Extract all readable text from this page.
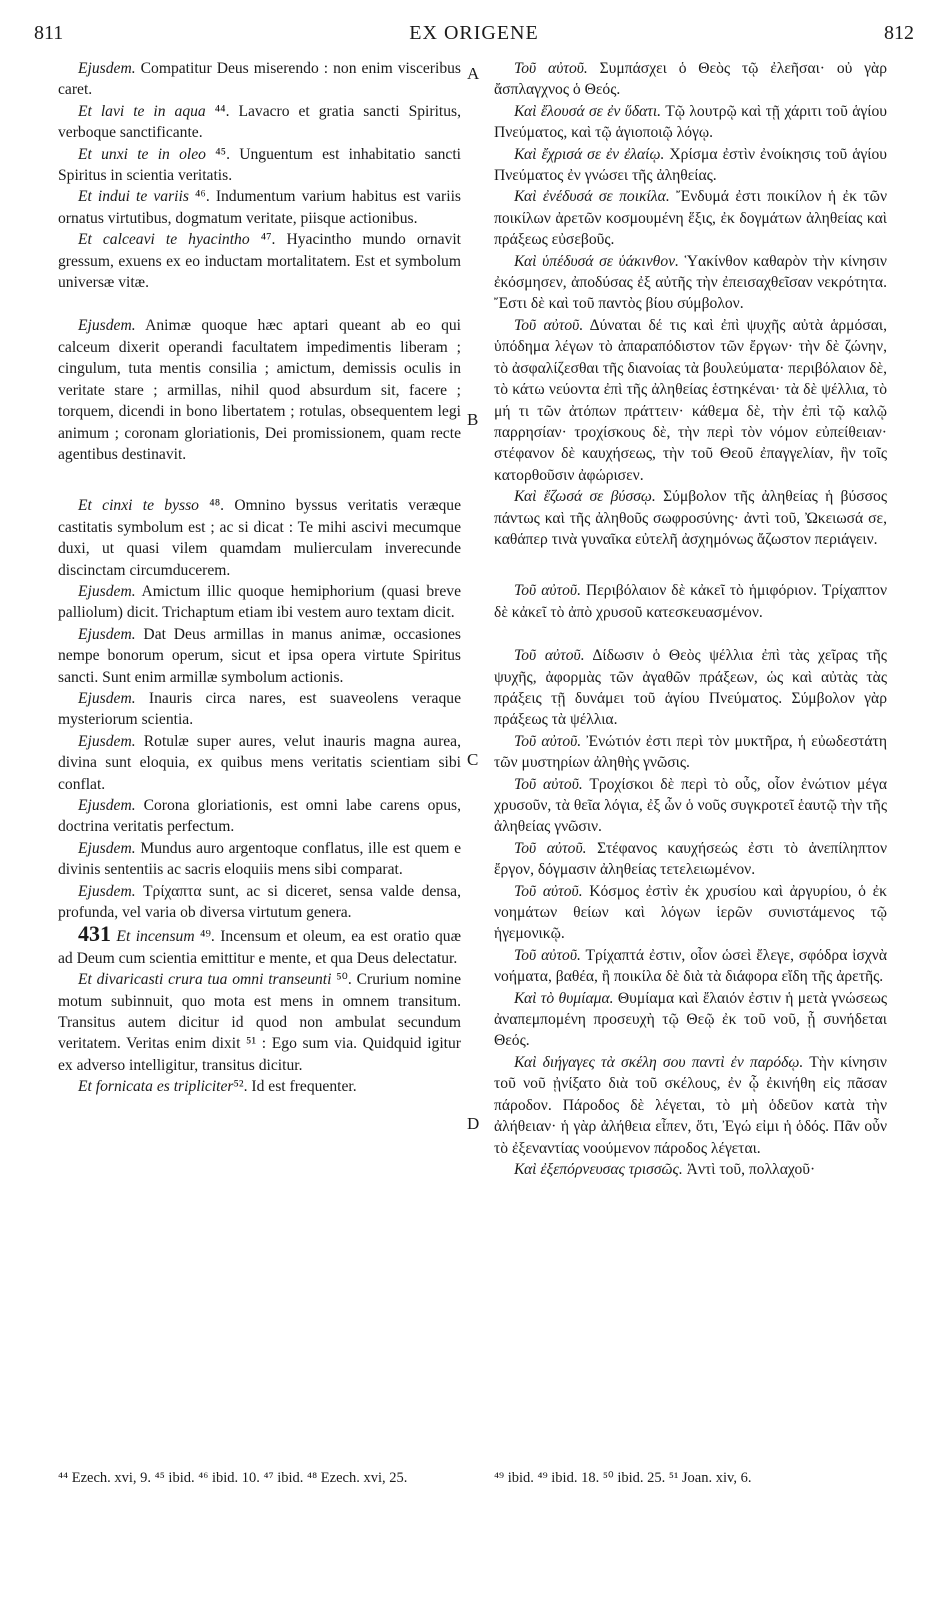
811	EX ORIGENE	812

Ejusdem. Compatitur Deus miserendo : non enim visceribus caret.

Et lavi te in aqua ⁴⁴. Lavacro et gratia sancti Spiritus, verboque sanctificante.

Et unxi te in oleo ⁴⁵. Unguentum est inhabitatio sancti Spiritus in scientia veritatis.

Et indui te variis ⁴⁶. Indumentum varium habitus est variis ornatus virtutibus, dogmatum veritate, piisque actionibus.

Et calceavi te hyacintho ⁴⁷. Hyacintho mundo ornavit gressum, exuens ex eo inductam mortalitatem. Est et symbolum universæ vitæ.

Ejusdem. Animæ quoque hæc aptari queant ab eo qui calceum dixerit operandi facultatem impedimentis liberam ; cingulum, tuta mentis consilia ; amictum, demissis oculis in veritate stare ; armillas, nihil quod absurdum sit, facere ; torquem, dicendi in bono libertatem ; rotulas, obsequentem legi animum ; coronam gloriationis, Dei promissionem, quam recte agentibus destinavit.

Et cinxi te bysso ⁴⁸. Omnino byssus veritatis veræque castitatis symbolum est ; ac si dicat : Te mihi ascivi mecumque duxi, ut quasi vilem quamdam mulierculam inverecunde discinctam circumducerem.

Ejusdem. Amictum illic quoque hemiphorium (quasi breve palliolum) dicit. Trichaptum etiam ibi vestem auro textam dicit.

Ejusdem. Dat Deus armillas in manus animæ, occasiones nempe bonorum operum, sicut et ipsa opera virtute Spiritus sancti. Sunt enim armillæ symbolum actionis.

Ejusdem. Inauris circa nares, est suaveolens veraque mysteriorum scientia.

Ejusdem. Rotulæ super aures, velut inauris magna aurea, divina sunt eloquia, ex quibus mens veritatis scientiam sibi conflat.

Ejusdem. Corona gloriationis, est omni labe carens opus, doctrina veritatis perfectum.

Ejusdem. Mundus auro argentoque conflatus, ille est quem e divinis sententiis ac sacris eloquiis mens sibi comparat.

Ejusdem. Τρίχαπτα sunt, ac si diceret, sensa valde densa, profunda, vel varia ob diversa virtutum genera.

431 Et incensum ⁴⁹. Incensum et oleum, ea est oratio quæ ad Deum cum scientia emittitur e mente, et qua Deus delectatur.

Et divaricasti crura tua omni transeunti ⁵⁰. Crurium nomine motum subinnuit, quo mota est mens in omnem transitum. Transitus autem dicitur id quod non ambulat secundum veritatem. Veritas enim dixit ⁵¹ : Ego sum via. Quidquid igitur ex adverso intelligitur, transitus dicitur.

Et fornicata es tripliciter⁵². Id est frequenter.

Τοῦ αὐτοῦ. Συμπάσχει ὁ Θεὸς τῷ ἐλεῆσαι· οὐ γὰρ ἄσπλαγχνος ὁ Θεός.

Καὶ ἔλουσά σε ἐν ὕδατι. Τῷ λουτρῷ καὶ τῇ χάριτι τοῦ ἁγίου Πνεύματος, καὶ τῷ ἁγιοποιῷ λόγῳ.

Καὶ ἔχρισά σε ἐν ἐλαίῳ. Χρίσμα ἐστὶν ἐνοίκησις τοῦ ἁγίου Πνεύματος ἐν γνώσει τῆς ἀληθείας.

Καὶ ἐνέδυσά σε ποικίλα. Ἔνδυμά ἐστι ποικίλον ἡ ἐκ τῶν ποικίλων ἀρετῶν κοσμουμένη ἕξις, ἐκ δογμάτων ἀληθείας καὶ πράξεως εὐσεβοῦς.

Καὶ ὑπέδυσά σε ὑάκινθον. Ὑακίνθον καθαρὸν τὴν κίνησιν ἐκόσμησεν, ἀποδύσας ἐξ αὐτῆς τὴν ἐπεισαχθεῖσαν νεκρότητα. Ἔστι δὲ καὶ τοῦ παντὸς βίου σύμβολον.

Τοῦ αὐτοῦ. Δύναται δέ τις καὶ ἐπὶ ψυχῆς αὐτὰ ἁρμόσαι, ὑπόδημα λέγων τὸ ἀπαραπόδιστον τῶν ἔργων· τὴν δὲ ζώνην, τὸ ἀσφαλίζεσθαι τῆς διανοίας τὰ βουλεύματα· περιβόλαιον δὲ, τὸ κάτω νεύοντα ἐπὶ τῆς ἀληθείας ἑστηκέναι· τὰ δὲ ψέλλια, τὸ μή τι τῶν ἀτόπων πράττειν· κάθεμα δὲ, τὴν ἐπὶ τῷ καλῷ παρρησίαν· τροχίσκους δὲ, τὴν περὶ τὸν νόμον εὐπείθειαν· στέφανον δὲ καυχήσεως, τὴν τοῦ Θεοῦ ἐπαγγελίαν, ἣν τοῖς κατορθοῦσιν ἀφώρισεν.

Καὶ ἔζωσά σε βύσσῳ. Σύμβολον τῆς ἀληθείας ἡ βύσσος πάντως καὶ τῆς ἀληθοῦς σωφροσύνης· ἀντὶ τοῦ, Ὠκειωσά σε, καθάπερ τινὰ γυναῖκα εὐτελῆ ἀσχημόνως ἄζωστον περιάγειν.

Τοῦ αὐτοῦ. Περιβόλαιον δὲ κἀκεῖ τὸ ἡμιφόριον. Τρίχαπτον δὲ κἀκεῖ τὸ ἀπὸ χρυσοῦ κατεσκευασμένον.

Τοῦ αὐτοῦ. Δίδωσιν ὁ Θεὸς ψέλλια ἐπὶ τὰς χεῖρας τῆς ψυχῆς, ἀφορμὰς τῶν ἀγαθῶν πράξεων, ὡς καὶ αὐτὰς τὰς πράξεις τῇ δυνάμει τοῦ ἁγίου Πνεύματος. Σύμβολον γὰρ πράξεως τὰ ψέλλια.

Τοῦ αὐτοῦ. Ἐνώτιόν ἐστι περὶ τὸν μυκτῆρα, ἡ εὐωδεστάτη τῶν μυστηρίων ἀληθὴς γνῶσις.

Τοῦ αὐτοῦ. Τροχίσκοι δὲ περὶ τὸ οὖς, οἷον ἐνώτιον μέγα χρυσοῦν, τὰ θεῖα λόγια, ἐξ ὧν ὁ νοῦς συγκροτεῖ ἑαυτῷ τὴν τῆς ἀληθείας γνῶσιν.

Τοῦ αὐτοῦ. Στέφανος καυχήσεώς ἐστι τὸ ἀνεπίληπτον ἔργον, δόγμασιν ἀληθείας τετελειωμένον.

Τοῦ αὐτοῦ. Κόσμος ἐστὶν ἐκ χρυσίου καὶ ἀργυρίου, ὁ ἐκ νοημάτων θείων καὶ λόγων ἱερῶν συνιστάμενος τῷ ἡγεμονικῷ.

Τοῦ αὐτοῦ. Τρίχαπτά ἐστιν, οἷον ὡσεὶ ἔλεγε, σφόδρα ἰσχνὰ νοήματα, βαθέα, ἢ ποικίλα δὲ διὰ τὰ διάφορα εἴδη τῆς ἀρετῆς.

Καὶ τὸ θυμίαμα. Θυμίαμα καὶ ἔλαιόν ἐστιν ἡ μετὰ γνώσεως ἀναπεμπομένη προσευχὴ τῷ Θεῷ ἐκ τοῦ νοῦ, ᾗ συνήδεται Θεός.

Καὶ διήγαγες τὰ σκέλη σου παντὶ ἐν παρόδῳ. Τὴν κίνησιν τοῦ νοῦ ᾐνίξατο διὰ τοῦ σκέλους, ἐν ᾧ ἐκινήθη εἰς πᾶσαν πάροδον. Πάροδος δὲ λέγεται, τὸ μὴ ὁδεῦον κατὰ τὴν ἀλήθειαν· ἡ γὰρ ἀλήθεια εἶπεν, ὅτι, Ἐγώ εἰμι ἡ ὁδός. Πᾶν οὖν τὸ ἐξεναντίας νοούμενον πάροδος λέγεται.

Καὶ ἐξεπόρνευσας τρισσῶς. Ἀντὶ τοῦ, πολλαχοῦ·

A
B
C
D
⁴⁴ Ezech. xvi, 9. ⁴⁵ ibid. ⁴⁶ ibid. 10. ⁴⁷ ibid. ⁴⁸ Ezech. xvi, 25.	⁴⁹ ibid. ⁴⁹ ibid. 18. ⁵⁰ ibid. 25. ⁵¹ Joan. xiv, 6.
